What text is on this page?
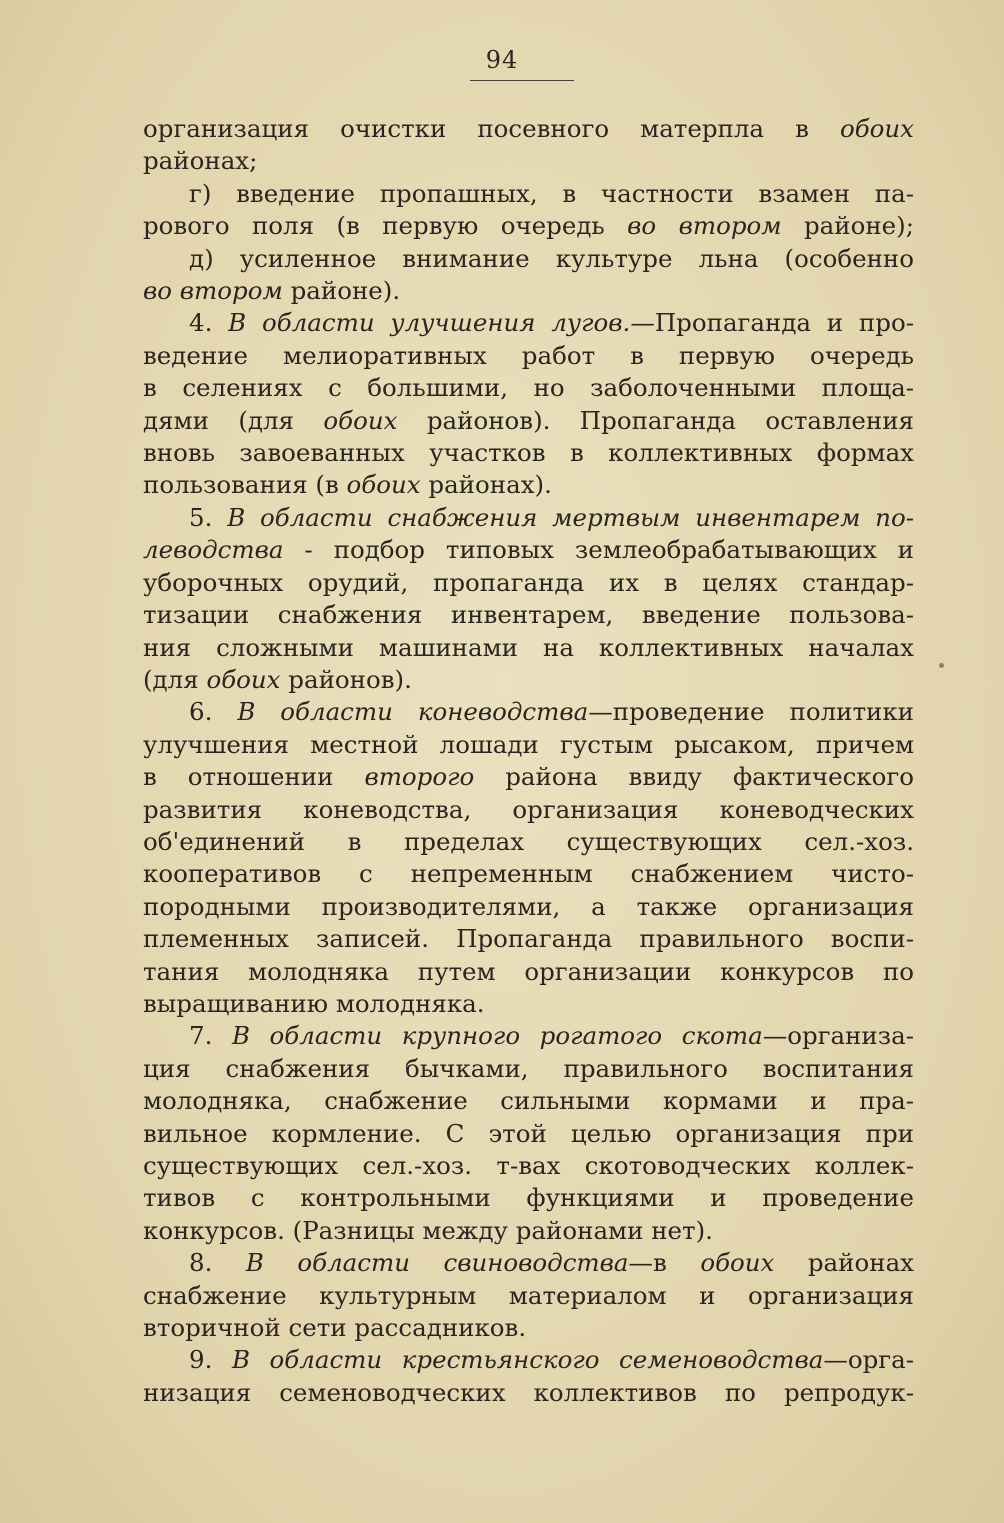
94
организация очистки посевного матерпла в обоих
районах;
г) введение пропашных, в частности взамен па-
рового поля (в первую очередь во втором районе);
д) усиленное внимание культуре льна (особенно
во втором районе).
4. В области улучшения лугов.—Пропаганда и про-
ведение мелиоративных работ в первую очередь
в селениях с большими, но заболоченными площа-
дями (для обоих районов). Пропаганда оставления
вновь завоеванных участков в коллективных формах
пользования (в обоих районах).
5. В области снабжения мертвым инвентарем по-
леводства - подбор типовых землеобрабатывающих и
уборочных орудий, пропаганда их в целях стандар-
тизации снабжения инвентарем, введение пользова-
ния сложными машинами на коллективных началах
(для обоих районов).
6. В области коневодства—проведение политики
улучшения местной лошади густым рысаком, причем
в отношении второго района ввиду фактического
развития коневодства, организация коневодческих
об'единений в пределах существующих сел.-хоз.
кооперативов с непременным снабжением чисто-
породными производителями, а также организация
племенных записей. Пропаганда правильного воспи-
тания молодняка путем организации конкурсов по
выращиванию молодняка.
7. В области крупного рогатого скота—организа-
ция снабжения бычками, правильного воспитания
молодняка, снабжение сильными кормами и пра-
вильное кормление. С этой целью организация при
существующих сел.-хоз. т-вах скотоводческих коллек-
тивов с контрольными функциями и проведение
конкурсов. (Разницы между районами нет).
8. В области свиноводства—в обоих районах
снабжение культурным материалом и организация
вторичной сети рассадников.
9. В области крестьянского семеноводства—орга-
низация семеноводческих коллективов по репродук-
